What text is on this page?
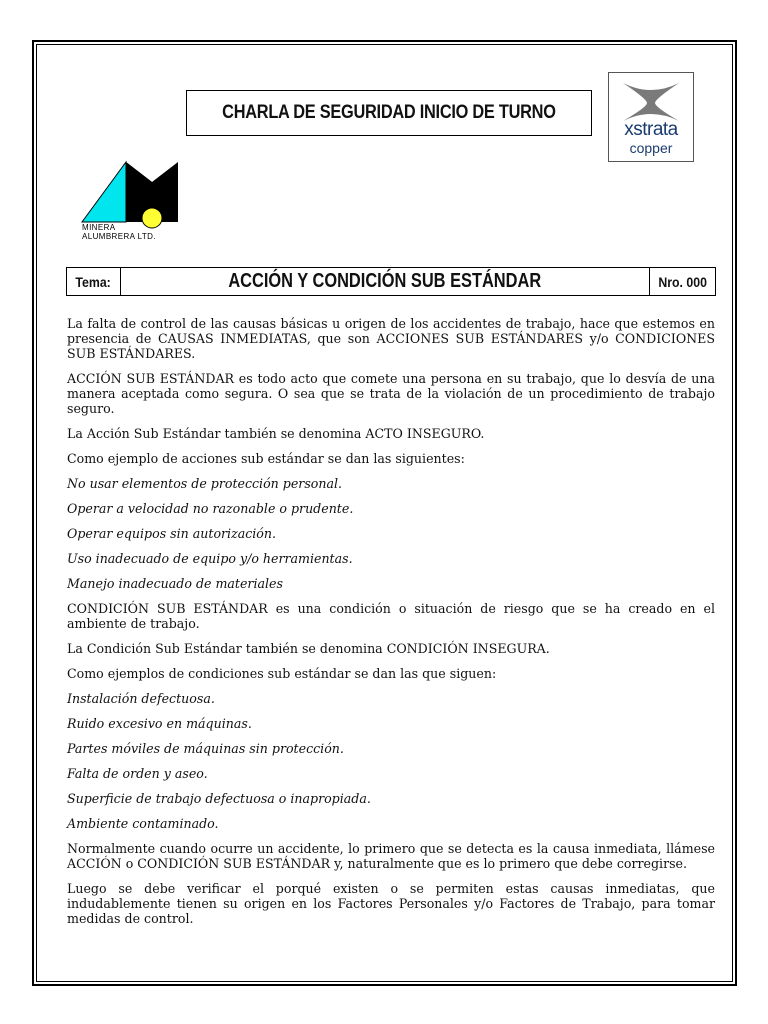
CHARLA DE SEGURIDAD INICIO DE TURNO
xstrata
copper
MINERA
ALUMBRERA LTD.
Tema:	ACCIÓN Y CONDICIÓN SUB ESTÁNDAR	Nro. 000

La falta de control de las causas básicas u origen de los accidentes de trabajo, hace que estemos en presencia de CAUSAS INMEDIATAS, que son ACCIONES SUB ESTÁNDARES y/o CONDICIONES SUB ESTÁNDARES.

ACCIÓN SUB ESTÁNDAR es todo acto que comete una persona en su trabajo, que lo desvía de una manera aceptada como segura. O sea que se trata de la violación de un procedimiento de trabajo seguro.

La Acción Sub Estándar también se denomina ACTO INSEGURO.

Como ejemplo de acciones sub estándar se dan las siguientes:

No usar elementos de protección personal.

Operar a velocidad no razonable o prudente.

Operar equipos sin autorización.

Uso inadecuado de equipo y/o herramientas.

Manejo inadecuado de materiales

CONDICIÓN SUB ESTÁNDAR es una condición o situación de riesgo que se ha creado en el ambiente de trabajo.

La Condición Sub Estándar también se denomina CONDICIÓN INSEGURA.

Como ejemplos de condiciones sub estándar se dan las que siguen:

Instalación defectuosa.

Ruido excesivo en máquinas.

Partes móviles de máquinas sin protección.

Falta de orden y aseo.

Superficie de trabajo defectuosa o inapropiada.

Ambiente contaminado.

Normalmente cuando ocurre un accidente, lo primero que se detecta es la causa inmediata, llámese ACCIÓN o CONDICIÓN SUB ESTÁNDAR y, naturalmente que es lo primero que debe corregirse.

Luego se debe verificar el porqué existen o se permiten estas causas inmediatas, que indudablemente tienen su origen en los Factores Personales y/o Factores de Trabajo, para tomar medidas de control.
